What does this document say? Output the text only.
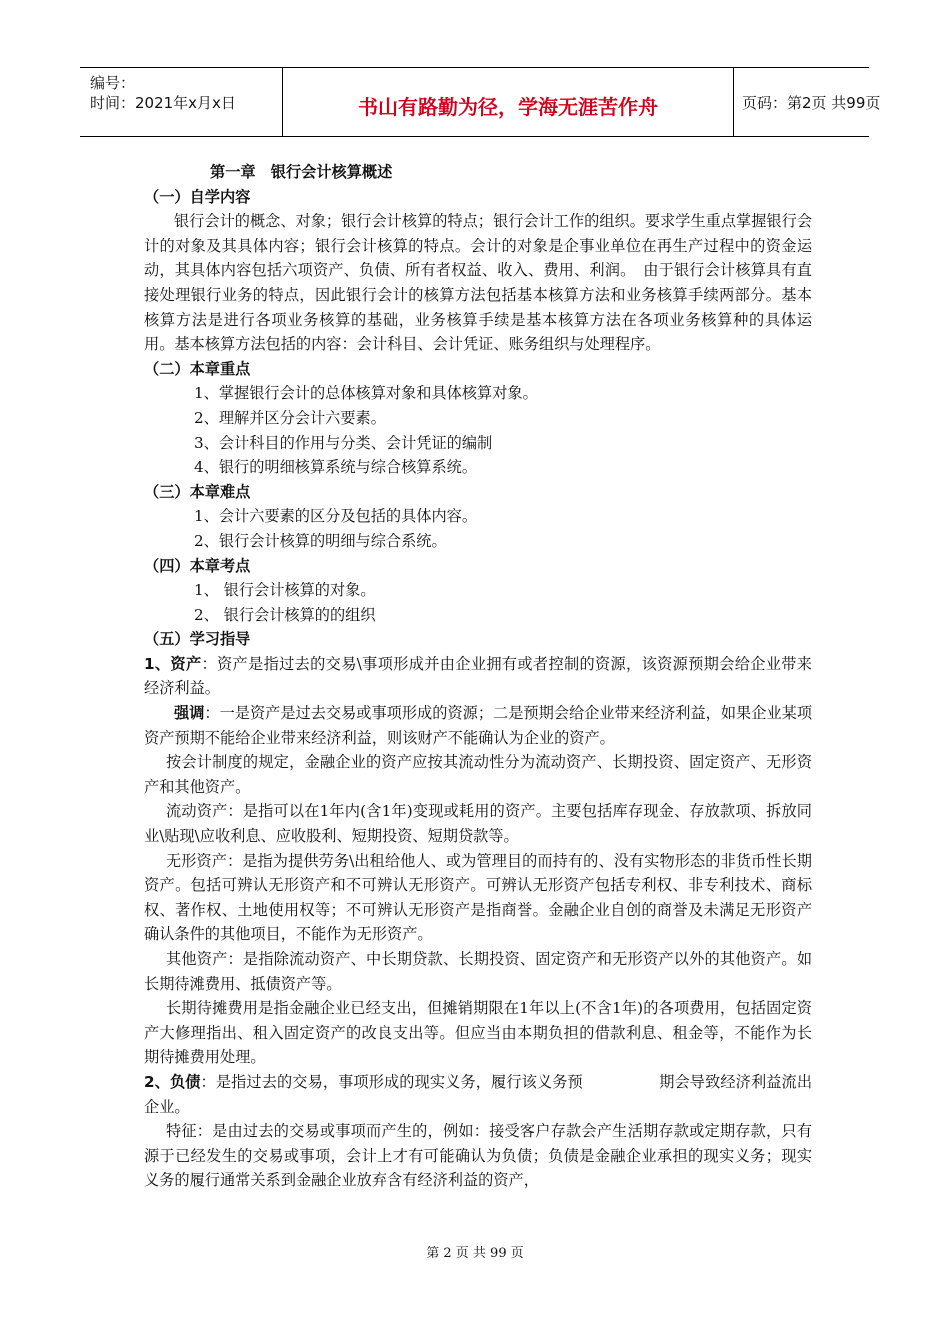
编号：
时间：2021年x月x日	书山有路勤为径，学海无涯苦作舟	页码：第2页 共99页

第一章　银行会计核算概述

（一）自学内容

银行会计的概念、对象；银行会计核算的特点；银行会计工作的组织。要求学生重点掌握银行会计的对象及其具体内容；银行会计核算的特点。会计的对象是企事业单位在再生产过程中的资金运动，其具体内容包括六项资产、负债、所有者权益、收入、费用、利润。　由于银行会计核算具有直接处理银行业务的特点，因此银行会计的核算方法包括基本核算方法和业务核算手续两部分。基本核算方法是进行各项业务核算的基础，业务核算手续是基本核算方法在各项业务核算种的具体运用。基本核算方法包括的内容：会计科目、会计凭证、账务组织与处理程序。

（二）本章重点

1、掌握银行会计的总体核算对象和具体核算对象。

2、理解并区分会计六要素。

3、会计科目的作用与分类、会计凭证的编制

4、银行的明细核算系统与综合核算系统。

（三）本章难点

1、会计六要素的区分及包括的具体内容。

2、银行会计核算的明细与综合系统。

（四）本章考点

1、 银行会计核算的对象。

2、 银行会计核算的的组织

（五）学习指导

1、资产：资产是指过去的交易\事项形成并由企业拥有或者控制的资源，该资源预期会给企业带来经济利益。

强调：一是资产是过去交易或事项形成的资源；二是预期会给企业带来经济利益，如果企业某项资产预期不能给企业带来经济利益，则该财产不能确认为企业的资产。

按会计制度的规定，金融企业的资产应按其流动性分为流动资产、长期投资、固定资产、无形资产和其他资产。

流动资产：是指可以在1年内(含1年)变现或耗用的资产。主要包括库存现金、存放款项、拆放同业\贴现\应收利息、应收股利、短期投资、短期贷款等。

无形资产：是指为提供劳务\出租给他人、或为管理目的而持有的、没有实物形态的非货币性长期资产。包括可辨认无形资产和不可辨认无形资产。可辨认无形资产包括专利权、非专利技术、商标权、著作权、土地使用权等；不可辨认无形资产是指商誉。金融企业自创的商誉及未满足无形资产确认条件的其他项目，不能作为无形资产。

其他资产：是指除流动资产、中长期贷款、长期投资、固定资产和无形资产以外的其他资产。如长期待滩费用、抵债资产等。

长期待摊费用是指金融企业已经支出，但摊销期限在1年以上(不含1年)的各项费用，包括固定资产大修理指出、租入固定资产的改良支出等。但应当由本期负担的借款利息、租金等，不能作为长期待摊费用处理。

2、负债：是指过去的交易，事项形成的现实义务，履行该义务预　　　　　期会导致经济利益流出企业。

特征：是由过去的交易或事项而产生的，例如：接受客户存款会产生活期存款或定期存款，只有源于已经发生的交易或事项，会计上才有可能确认为负债；负债是金融企业承担的现实义务；现实义务的履行通常关系到金融企业放弃含有经济利益的资产，

第 2 页 共 99 页
